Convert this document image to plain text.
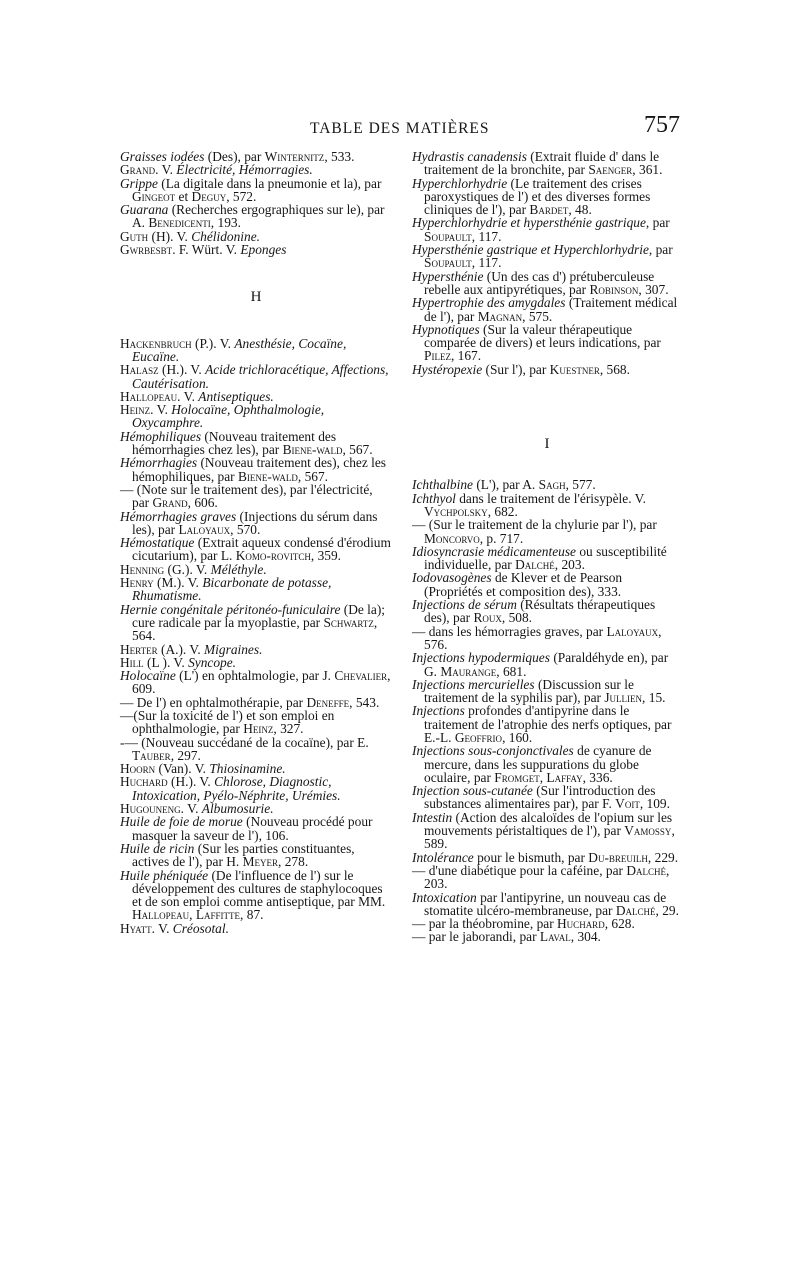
TABLE DES MATIÈRES	757

Graisses iodées (Des), par Winternitz, 533.

Grand. V. Électricité, Hémorragies.

Grippe (La digitale dans la pneumonie et la), par Gingeot et Deguy, 572.

Guarana (Recherches ergographiques sur le), par A. Benedicenti, 193.

Guth (H). V. Chélidonine.

Gwrbesbt. F. Würt. V. Eponges

H

Hackenbruch (P.). V. Anesthésie, Cocaïne, Eucaïne.

Halasz (H.). V. Acide trichloracétique, Affections, Cautérisation.

Hallopeau. V. Antiseptiques.

Heinz. V. Holocaïne, Ophthalmologie, Oxycamphre.

Hémophiliques (Nouveau traitement des hémorrhagies chez les), par Biene-wald, 567.

Hémorrhagies (Nouveau traitement des), chez les hémophiliques, par Biene-wald, 567.

— (Note sur le traitement des), par l'électricité, par Grand, 606.

Hémorrhagies graves (Injections du sérum dans les), par Laloyaux, 570.

Hémostatique (Extrait aqueux condensé d'érodium cicutarium), par L. Komo-rovitch, 359.

Henning (G.). V. Méléthyle.

Henry (M.). V. Bicarbonate de potasse, Rhumatisme.

Hernie congénitale péritonéo-funiculaire (De la); cure radicale par la myoplastie, par Schwartz, 564.

Herter (A.). V. Migraines.

Hill (L ). V. Syncope.

Holocaïne (L') en ophtalmologie, par J. Chevalier, 609.

— De l') en ophtalmothérapie, par Deneffe, 543.

—(Sur la toxicité de l') et son emploi en ophthalmologie, par Heinz, 327.

-— (Nouveau succédané de la cocaïne), par E. Tauber, 297.

Hoorn (Van). V. Thiosinamine.

Huchard (H.). V. Chlorose, Diagnostic, Intoxication, Pyélo-Néphrite, Urémies.

Hugouneng. V. Albumosurie.

Huile de foie de morue (Nouveau procédé pour masquer la saveur de l'), 106.

Huile de ricin (Sur les parties constituantes, actives de l'), par H. Meyer, 278.

Huile phéniquée (De l'influence de l') sur le développement des cultures de staphylocoques et de son emploi comme antiseptique, par MM. Hallopeau, Laffitte, 87.

Hyatt. V. Créosotal.

Hydrastis canadensis (Extrait fluide d' dans le traitement de la bronchite, par Saenger, 361.

Hyperchlorhydrie (Le traitement des crises paroxystiques de l') et des diverses formes cliniques de l'), par Bardet, 48.

Hyperchlorhydrie et hypersthénie gastrique, par Soupault, 117.

Hypersthénie gastrique et Hyperchlorhydrie, par Soupault, 117.

Hypersthénie (Un des cas d') prétuberculeuse rebelle aux antipyrétiques, par Robinson, 307.

Hypertrophie des amygdales (Traitement médical de l'), par Magnan, 575.

Hypnotiques (Sur la valeur thérapeutique comparée de divers) et leurs indications, par Pilez, 167.

Hystéropexie (Sur l'), par Kuestner, 568.

I

Ichthalbine (L'), par A. Sagh, 577.

Ichthyol dans le traitement de l'érisypèle. V. Vychpolsky, 682.

— (Sur le traitement de la chylurie par l'), par Moncorvo, p. 717.

Idiosyncrasie médicamenteuse ou susceptibilité individuelle, par Dalché, 203.

Iodovasogènes de Klever et de Pearson (Propriétés et composition des), 333.

Injections de sérum (Résultats thérapeutiques des), par Roux, 508.

— dans les hémorragies graves, par Laloyaux, 576.

Injections hypodermiques (Paraldéhyde en), par G. Maurange, 681.

Injections mercurielles (Discussion sur le traitement de la syphilis par), par Jullien, 15.

Injections profondes d'antipyrine dans le traitement de l'atrophie des nerfs optiques, par E.-L. Geoffrio, 160.

Injections sous-conjonctivales de cyanure de mercure, dans les suppurations du globe oculaire, par Fromget, Laffay, 336.

Injection sous-cutanée (Sur l'introduction des substances alimentaires par), par F. Voit, 109.

Intestin (Action des alcaloïdes de l'opium sur les mouvements péristaltiques de l'), par Vamossy, 589.

Intolérance pour le bismuth, par Du-breuilh, 229.

— d'une diabétique pour la caféine, par Dalché, 203.

Intoxication par l'antipyrine, un nouveau cas de stomatite ulcéro-membraneuse, par Dalché, 29.

— par la théobromine, par Huchard, 628.

— par le jaborandi, par Laval, 304.
